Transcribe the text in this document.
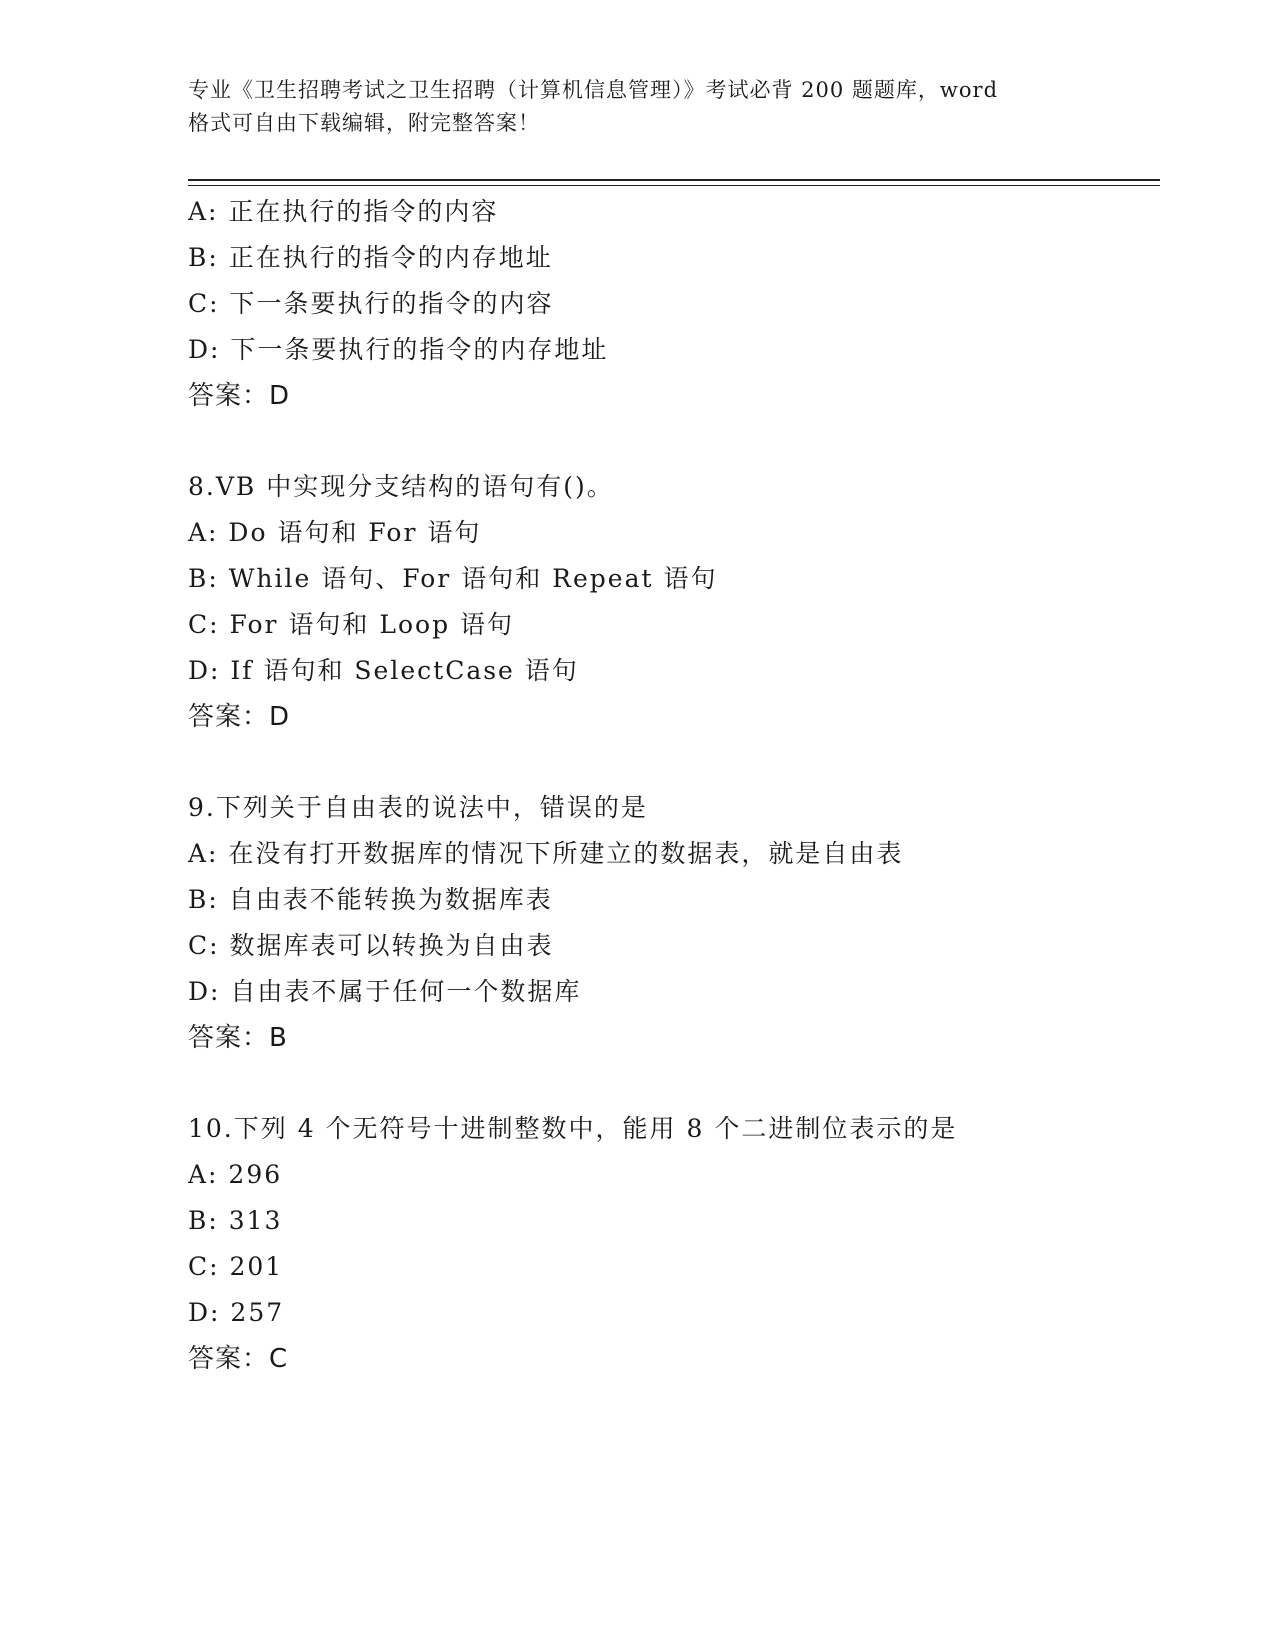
专业《卫生招聘考试之卫生招聘（计算机信息管理）》考试必背 200 题题库，word
格式可自由下载编辑，附完整答案！
A: 正在执行的指令的内容
B: 正在执行的指令的内存地址
C: 下一条要执行的指令的内容
D: 下一条要执行的指令的内存地址
答案：D
8.VB 中实现分支结构的语句有()。
A: Do 语句和 For 语句
B: While 语句、For 语句和 Repeat 语句
C: For 语句和 Loop 语句
D: If 语句和 SelectCase 语句
答案：D
9.下列关于自由表的说法中，错误的是
A: 在没有打开数据库的情况下所建立的数据表，就是自由表
B: 自由表不能转换为数据库表
C: 数据库表可以转换为自由表
D: 自由表不属于任何一个数据库
答案：B
10.下列 4 个无符号十进制整数中，能用 8 个二进制位表示的是
A: 296
B: 313
C: 201
D: 257
答案：C
